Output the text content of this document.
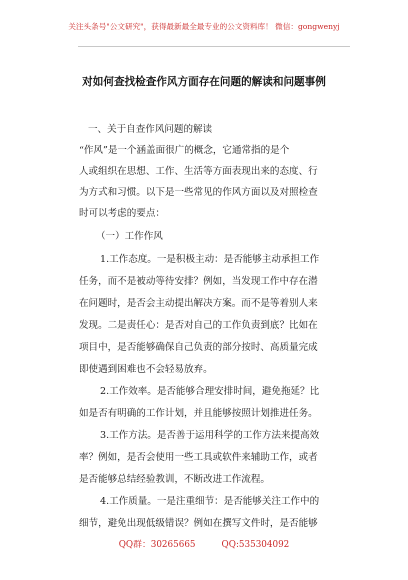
关注头条号"公文研究"，获得最新最全最专业的公文资料库！ 微信：gongwenyj
对如何查找检查作风方面存在问题的解读和问题事例
一、关于自查作风问题的解读
“作风”是一个涵盖面很广的概念，它通常指的是个
人或组织在思想、工作、生活等方面表现出来的态度、行
为方式和习惯。以下是一些常见的作风方面以及对照检查
时可以考虑的要点：
（一）工作作风
1.工作态度。一是积极主动：是否能够主动承担工作
任务，而不是被动等待安排？例如，当发现工作中存在潜
在问题时，是否会主动提出解决方案。而不是等着别人来
发现。二是责任心：是否对自己的工作负责到底？比如在
项目中，是否能够确保自己负责的部分按时、高质量完成
即使遇到困难也不会轻易放弃。
2.工作效率。是否能够合理安排时间，避免拖延？比
如是否有明确的工作计划，并且能够按照计划推进任务。
3.工作方法。是否善于运用科学的工作方法来提高效
率？例如，是否会使用一些工具或软件来辅助工作，或者
是否能够总结经验教训，不断改进工作流程。
4.工作质量。一是注重细节：是否能够关注工作中的
细节，避免出现低级错误？例如在撰写文件时，是否能够
QQ群：30265665	QQ:535304092
